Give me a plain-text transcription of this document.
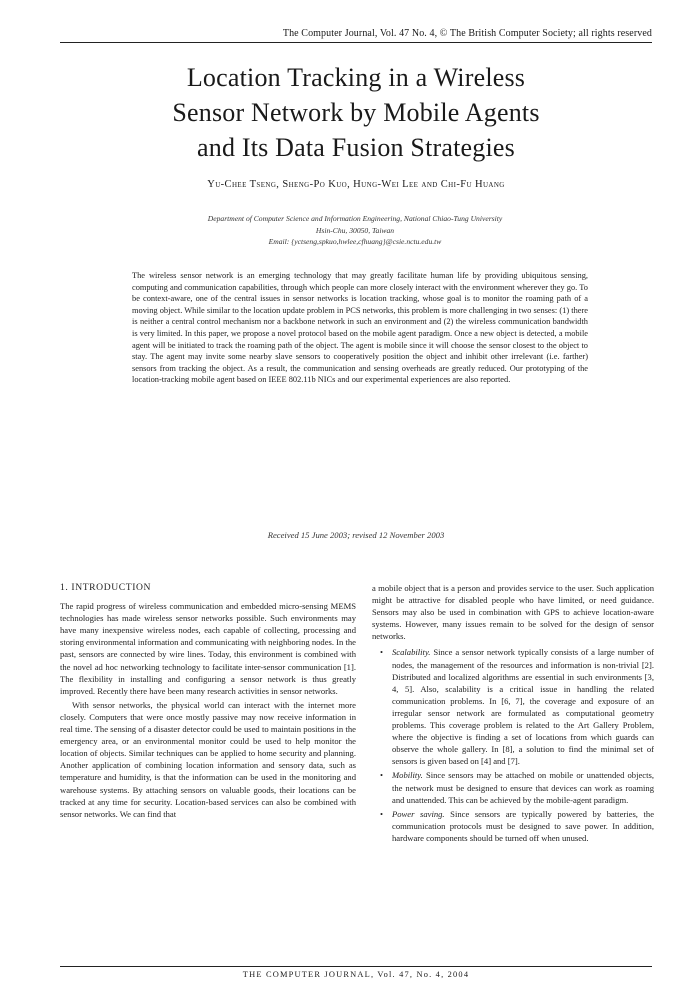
The Computer Journal, Vol. 47 No. 4, © The British Computer Society; all rights reserved
Location Tracking in a Wireless
Sensor Network by Mobile Agents
and Its Data Fusion Strategies
Yu-Chee Tseng, Sheng-Po Kuo, Hung-Wei Lee and Chi-Fu Huang
Department of Computer Science and Information Engineering, National Chiao-Tung University
Hsin-Chu, 30050, Taiwan
Email: {yctseng,spkuo,hwlee,cfhuang}@csie.nctu.edu.tw
The wireless sensor network is an emerging technology that may greatly facilitate human life by providing ubiquitous sensing, computing and communication capabilities, through which people can more closely interact with the environment wherever they go. To be context-aware, one of the central issues in sensor networks is location tracking, whose goal is to monitor the roaming path of a moving object. While similar to the location update problem in PCS networks, this problem is more challenging in two senses: (1) there is neither a central control mechanism nor a backbone network in such an environment and (2) the wireless communication bandwidth is very limited. In this paper, we propose a novel protocol based on the mobile agent paradigm. Once a new object is detected, a mobile agent will be initiated to track the roaming path of the object. The agent is mobile since it will choose the sensor closest to the object to stay. The agent may invite some nearby slave sensors to cooperatively position the object and inhibit other irrelevant (i.e. farther) sensors from tracking the object. As a result, the communication and sensing overheads are greatly reduced. Our prototyping of the location-tracking mobile agent based on IEEE 802.11b NICs and our experimental experiences are also reported.
Received 15 June 2003; revised 12 November 2003
1. INTRODUCTION

The rapid progress of wireless communication and embedded micro-sensing MEMS technologies has made wireless sensor networks possible. Such environments may have many inexpensive wireless nodes, each capable of collecting, processing and storing environmental information and communicating with neighboring nodes. In the past, sensors are connected by wire lines. Today, this environment is combined with the novel ad hoc networking technology to facilitate inter-sensor communication [1]. The flexibility in installing and configuring a sensor network is thus greatly improved. Recently there have been many research activities in sensor networks.

With sensor networks, the physical world can interact with the internet more closely. Computers that were once mostly passive may now receive information in real time. The sensing of a disaster detector could be used to maintain positions in the emergency area, or an environmental monitor could be used to help monitor the location of objects. Similar techniques can be applied to home security and planning. Another application of combining location information and sensory data, such as temperature and humidity, is that the information can be used in the monitoring and warehouse systems. By attaching sensors on valuable goods, their locations can be tracked at any time for security. Location-based services can also be combined with sensor networks. We can find that

a mobile object that is a person and provides service to the user. Such application might be attractive for disabled people who have limited, or need guidance. Sensors may also be used in combination with GPS to achieve location-aware systems. However, many issues remain to be solved for the design of sensor networks.

• Scalability. Since a sensor network typically consists of a large number of nodes, the management of the resources and information is non-trivial [2]. Distributed and localized algorithms are essential in such environments [3, 4, 5]. Also, scalability is a critical issue in handling the related communication problems. In [6, 7], the coverage and exposure of an irregular sensor network are formulated as computational geometry problems. This coverage problem is related to the Art Gallery Problem, where the objective is finding a set of locations from which guards can observe the whole gallery. In [8], a solution to find the minimal set of sensors is given based on [4] and [7].
• Mobility. Since sensors may be attached on mobile or unattended objects, the network must be designed to ensure that devices can work as roaming and unattended. This can be achieved by the mobile-agent paradigm.
• Power saving. Since sensors are typically powered by batteries, the communication protocols must be designed to save power. In addition, hardware components should be turned off when unused.
THE COMPUTER JOURNAL, Vol. 47, No. 4, 2004
